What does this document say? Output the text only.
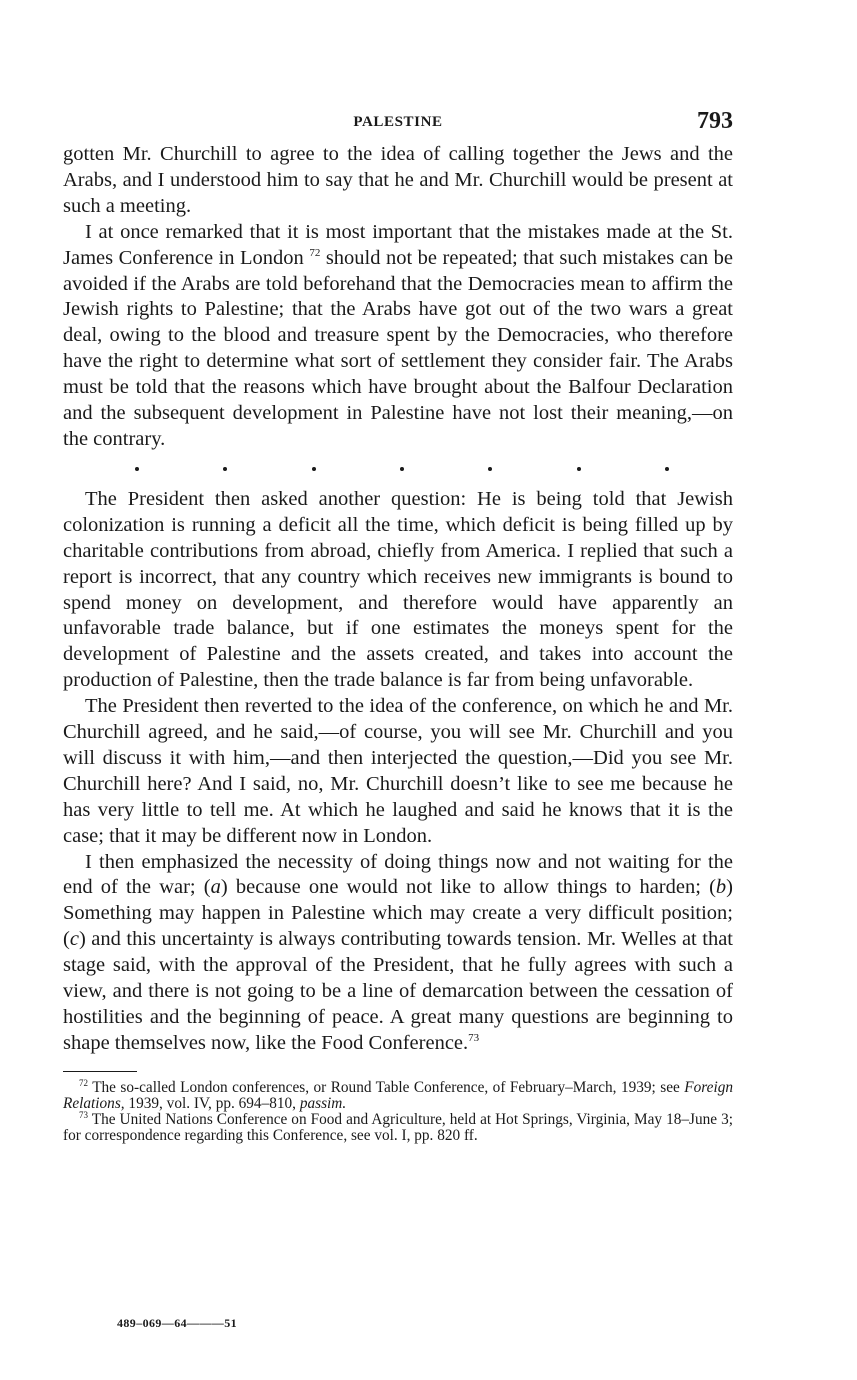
PALESTINE	793

gotten Mr. Churchill to agree to the idea of calling together the Jews and the Arabs, and I understood him to say that he and Mr. Churchill would be present at such a meeting.

I at once remarked that it is most important that the mistakes made at the St. James Conference in London $^{72}$ should not be repeated; that such mistakes can be avoided if the Arabs are told beforehand that the Democracies mean to affirm the Jewish rights to Palestine; that the Arabs have got out of the two wars a great deal, owing to the blood and treasure spent by the Democracies, who therefore have the right to determine what sort of settlement they consider fair. The Arabs must be told that the reasons which have brought about the Balfour Declaration and the subsequent development in Palestine have not lost their meaning,—on the contrary.

The President then asked another question: He is being told that Jewish colonization is running a deficit all the time, which deficit is being filled up by charitable contributions from abroad, chiefly from America. I replied that such a report is incorrect, that any country which receives new immigrants is bound to spend money on development, and therefore would have apparently an unfavorable trade balance, but if one estimates the moneys spent for the development of Palestine and the assets created, and takes into account the production of Palestine, then the trade balance is far from being unfavorable.

The President then reverted to the idea of the conference, on which he and Mr. Churchill agreed, and he said,—of course, you will see Mr. Churchill and you will discuss it with him,—and then interjected the question,—Did you see Mr. Churchill here? And I said, no, Mr. Churchill doesn’t like to see me because he has very little to tell me. At which he laughed and said he knows that it is the case; that it may be different now in London.

I then emphasized the necessity of doing things now and not waiting for the end of the war; (a) because one would not like to allow things to harden; (b) Something may happen in Palestine which may create a very difficult position; (c) and this uncertainty is always contributing towards tension. Mr. Welles at that stage said, with the approval of the President, that he fully agrees with such a view, and there is not going to be a line of demarcation between the cessation of hostilities and the beginning of peace. A great many questions are beginning to shape themselves now, like the Food Conference.$^{73}$

$^{72}$ The so-called London conferences, or Round Table Conference, of February–March, 1939; see Foreign Relations, 1939, vol. IV, pp. 694–810, passim.

$^{73}$ The United Nations Conference on Food and Agriculture, held at Hot Springs, Virginia, May 18–June 3; for correspondence regarding this Conference, see vol. I, pp. 820 ff.

489–069—64———51
